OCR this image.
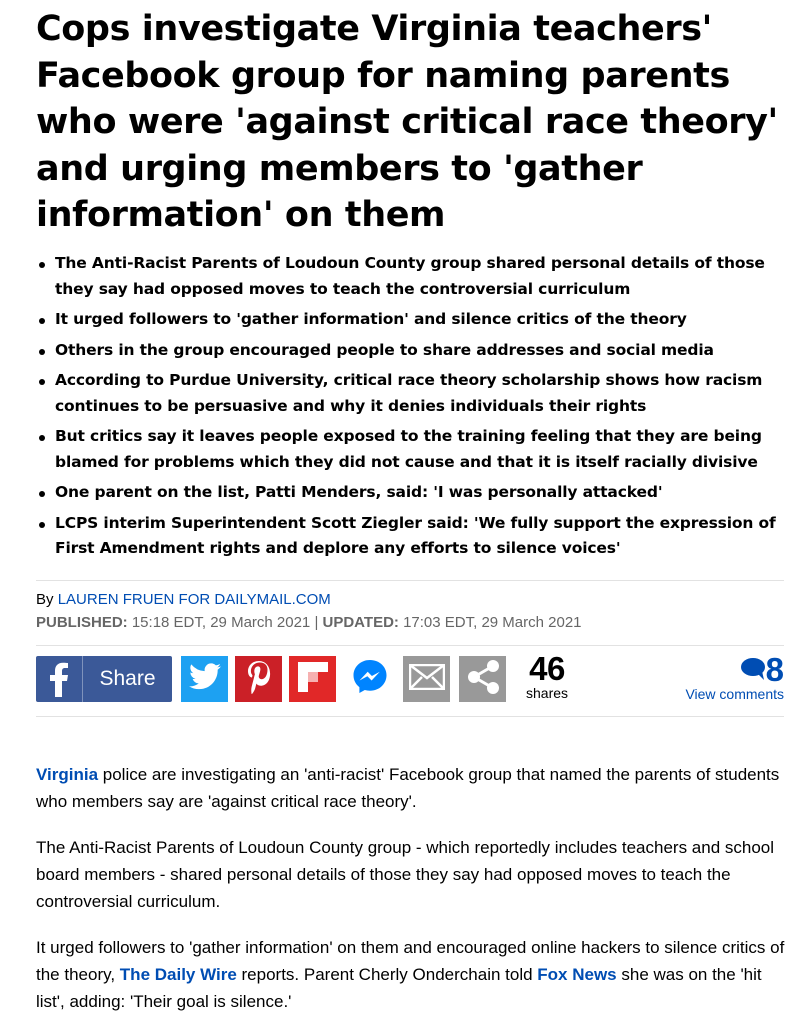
Cops investigate Virginia teachers' Facebook group for naming parents who were 'against critical race theory' and urging members to 'gather information' on them
The Anti-Racist Parents of Loudoun County group shared personal details of those they say had opposed moves to teach the controversial curriculum
It urged followers to 'gather information' and silence critics of the theory
Others in the group encouraged people to share addresses and social media
According to Purdue University, critical race theory scholarship shows how racism continues to be persuasive and why it denies individuals their rights
But critics say it leaves people exposed to the training feeling that they are being blamed for problems which they did not cause and that it is itself racially divisive
One parent on the list, Patti Menders, said: 'I was personally attacked'
LCPS interim Superintendent Scott Ziegler said: 'We fully support the expression of First Amendment rights and deplore any efforts to silence voices'
By LAUREN FRUEN FOR DAILYMAIL.COM
PUBLISHED: 15:18 EDT, 29 March 2021 | UPDATED: 17:03 EDT, 29 March 2021
Share	46
shares
8
View comments

Virginia police are investigating an 'anti-racist' Facebook group that named the parents of students who members say are 'against critical race theory'.

The Anti-Racist Parents of Loudoun County group - which reportedly includes teachers and school board members - shared personal details of those they say had opposed moves to teach the controversial curriculum.

It urged followers to 'gather information' on them and encouraged online hackers to silence critics of the theory, The Daily Wire reports. Parent Cherly Onderchain told Fox News she was on the 'hit list', adding: 'Their goal is silence.'
